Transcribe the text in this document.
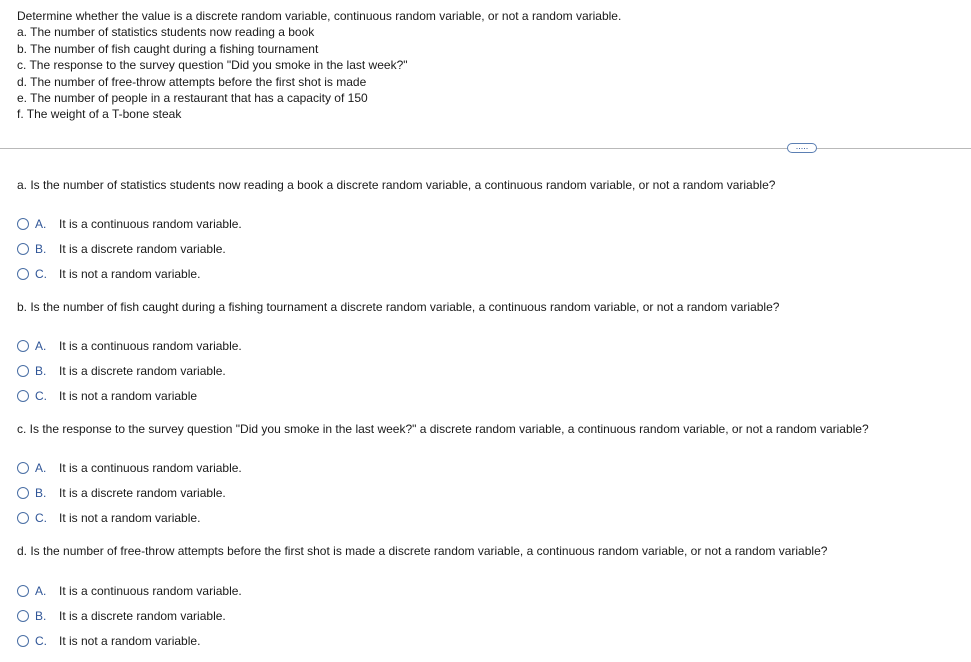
Determine whether the value is a discrete random variable, continuous random variable, or not a random variable.
a. The number of statistics students now reading a book
b. The number of fish caught during a fishing tournament
c. The response to the survey question "Did you smoke in the last week?"
d. The number of free-throw attempts before the first shot is made
e. The number of people in a restaurant that has a capacity of 150
f. The weight of a T-bone steak
.....
a. Is the number of statistics students now reading a book a discrete random variable, a continuous random variable, or not a random variable?
A.	It is a continuous random variable.
B.	It is a discrete random variable.
C.	It is not a random variable.
b. Is the number of fish caught during a fishing tournament a discrete random variable, a continuous random variable, or not a random variable?
A.	It is a continuous random variable.
B.	It is a discrete random variable.
C.	It is not a random variable
c. Is the response to the survey question "Did you smoke in the last week?" a discrete random variable, a continuous random variable, or not a random variable?
A.	It is a continuous random variable.
B.	It is a discrete random variable.
C.	It is not a random variable.
d. Is the number of free-throw attempts before the first shot is made a discrete random variable, a continuous random variable, or not a random variable?
A.	It is a continuous random variable.
B.	It is a discrete random variable.
C.	It is not a random variable.
